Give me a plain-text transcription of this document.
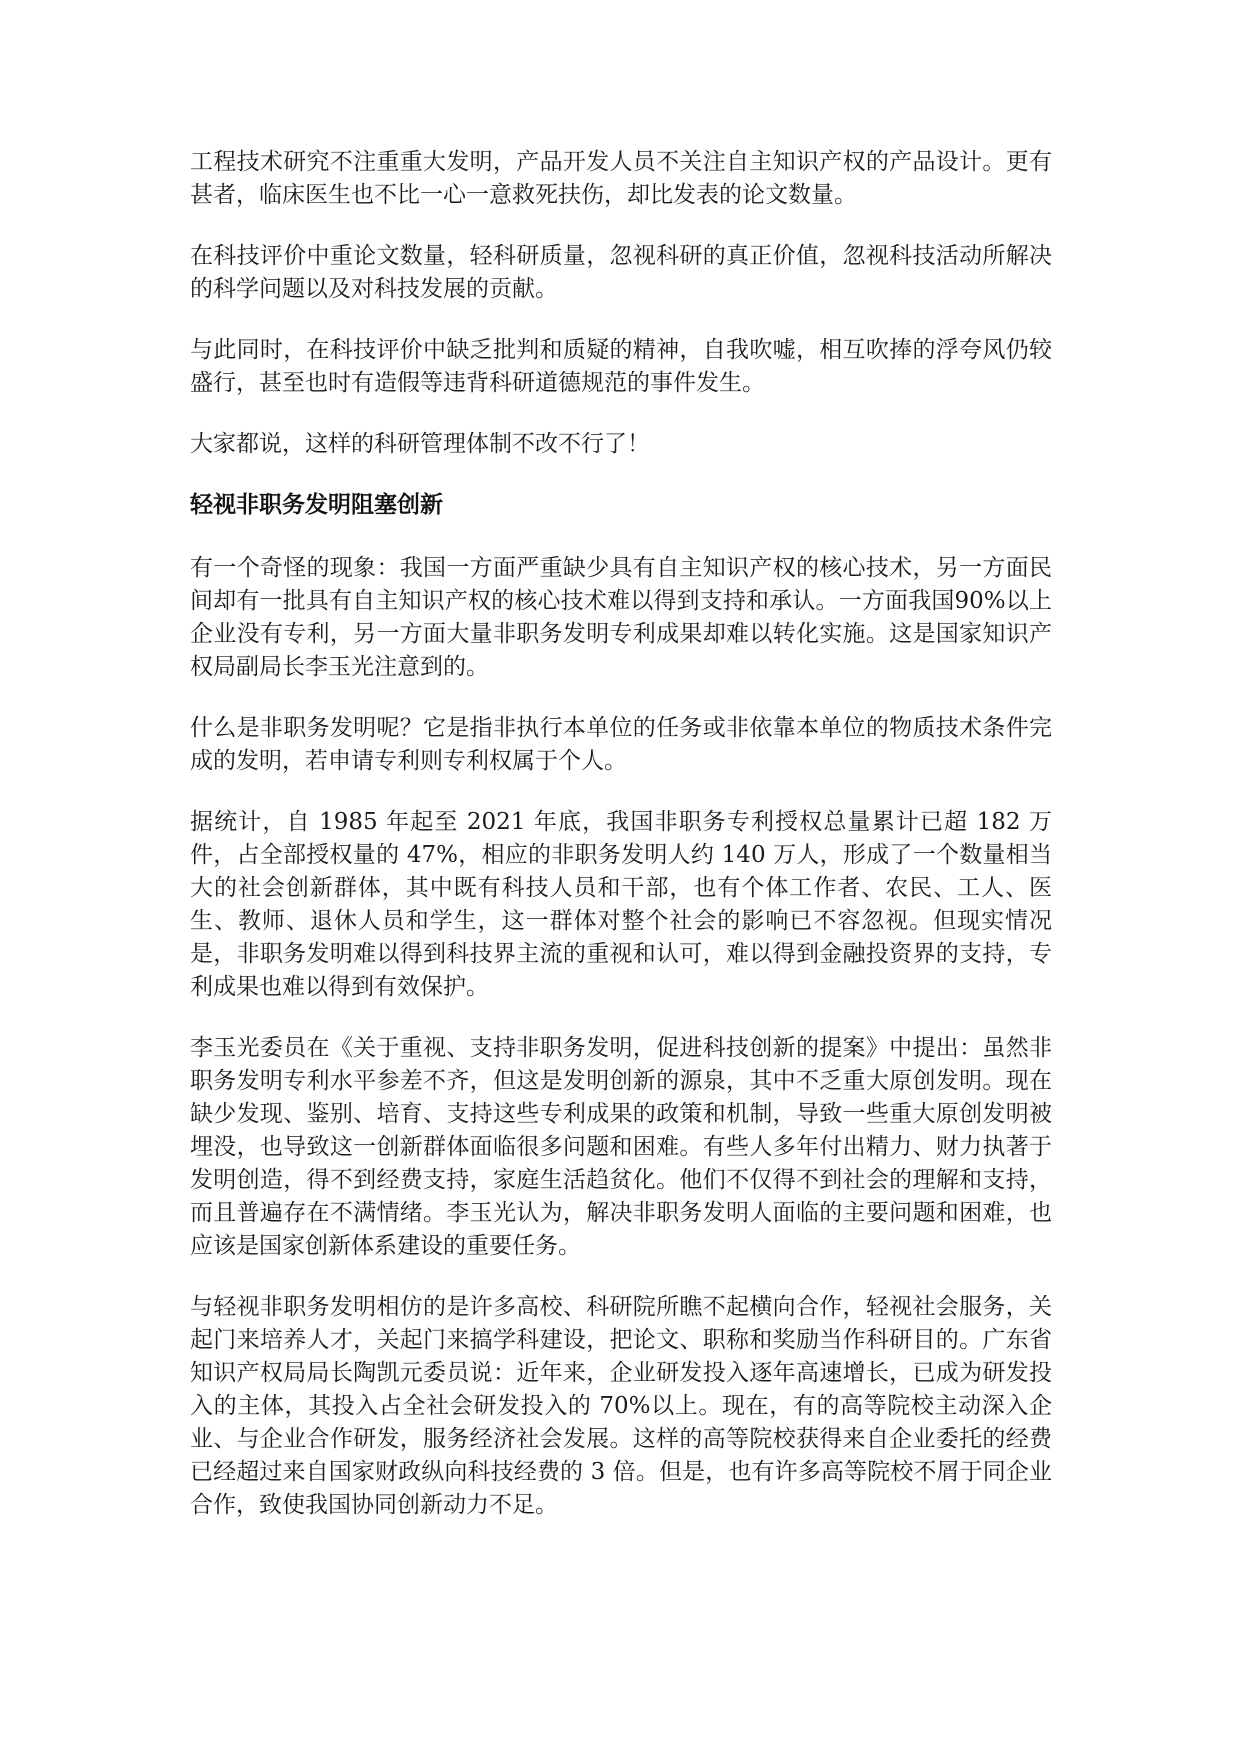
工程技术研究不注重重大发明，产品开发人员不关注自主知识产权的产品设计。更有甚者，临床医生也不比一心一意救死扶伤，却比发表的论文数量。

在科技评价中重论文数量，轻科研质量，忽视科研的真正价值，忽视科技活动所解决的科学问题以及对科技发展的贡献。

与此同时，在科技评价中缺乏批判和质疑的精神，自我吹嘘，相互吹捧的浮夸风仍较盛行，甚至也时有造假等违背科研道德规范的事件发生。

大家都说，这样的科研管理体制不改不行了！

轻视非职务发明阻塞创新

有一个奇怪的现象：我国一方面严重缺少具有自主知识产权的核心技术，另一方面民间却有一批具有自主知识产权的核心技术难以得到支持和承认。一方面我国90%以上企业没有专利，另一方面大量非职务发明专利成果却难以转化实施。这是国家知识产权局副局长李玉光注意到的。

什么是非职务发明呢？它是指非执行本单位的任务或非依靠本单位的物质技术条件完成的发明，若申请专利则专利权属于个人。

据统计，自 1985 年起至 2021 年底，我国非职务专利授权总量累计已超 182 万件，占全部授权量的 47%，相应的非职务发明人约 140 万人，形成了一个数量相当大的社会创新群体，其中既有科技人员和干部，也有个体工作者、农民、工人、医生、教师、退休人员和学生，这一群体对整个社会的影响已不容忽视。但现实情况是，非职务发明难以得到科技界主流的重视和认可，难以得到金融投资界的支持，专利成果也难以得到有效保护。

李玉光委员在《关于重视、支持非职务发明，促进科技创新的提案》中提出：虽然非职务发明专利水平参差不齐，但这是发明创新的源泉，其中不乏重大原创发明。现在缺少发现、鉴别、培育、支持这些专利成果的政策和机制，导致一些重大原创发明被埋没，也导致这一创新群体面临很多问题和困难。有些人多年付出精力、财力执著于发明创造，得不到经费支持，家庭生活趋贫化。他们不仅得不到社会的理解和支持，而且普遍存在不满情绪。李玉光认为，解决非职务发明人面临的主要问题和困难，也应该是国家创新体系建设的重要任务。

与轻视非职务发明相仿的是许多高校、科研院所瞧不起横向合作，轻视社会服务，关起门来培养人才，关起门来搞学科建设，把论文、职称和奖励当作科研目的。广东省知识产权局局长陶凯元委员说：近年来，企业研发投入逐年高速增长，已成为研发投入的主体，其投入占全社会研发投入的 70%以上。现在，有的高等院校主动深入企业、与企业合作研发，服务经济社会发展。这样的高等院校获得来自企业委托的经费已经超过来自国家财政纵向科技经费的 3 倍。但是，也有许多高等院校不屑于同企业合作，致使我国协同创新动力不足。
